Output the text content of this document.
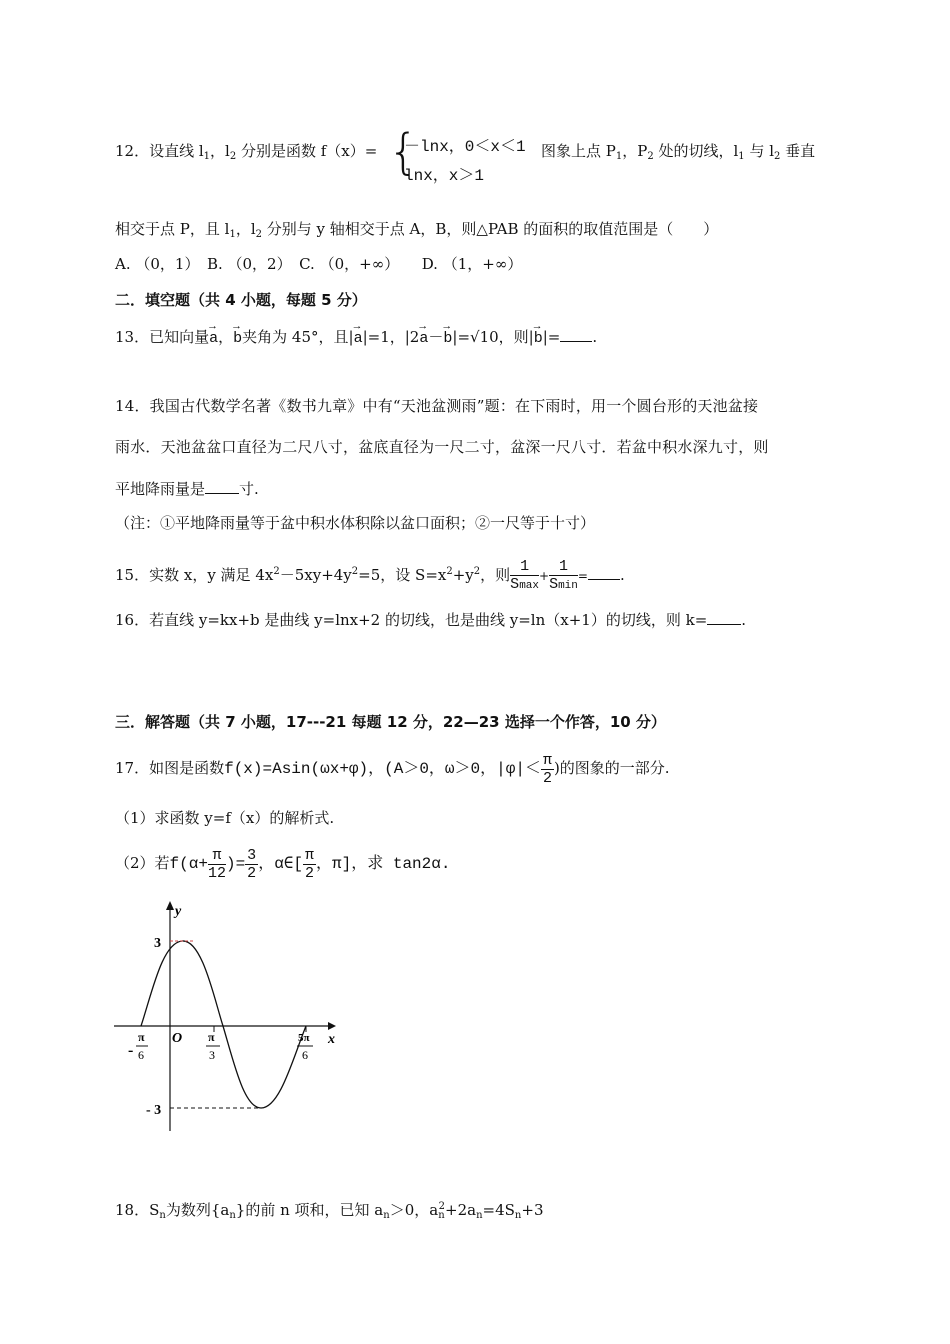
12．设直线 $l_1$，$l_2$ 分别是函数 f（x）= {
－lnx，0＜x＜1
lnx，x＞1
图象上点 $P_1$，$P_2$ 处的切线，$l_1$ 与 $l_2$ 垂直
相交于点 P，且 $l_1$，$l_2$ 分别与 y 轴相交于点 A，B，则△PAB 的面积的取值范围是（　　）
A. （0，1）　B. （0，2）　C. （0，+∞）　　D. （1，+∞）
二．填空题（共 4 小题，每题 5 分）
13．已知向量→ a，→ b夹角为 45°，且|→ a|=1，|2→ a－→ b|=√10，则|→ b|= .
14．我国古代数学名著《数书九章》中有“天池盆测雨”题：在下雨时，用一个圆台形的天池盆接
雨水．天池盆盆口直径为二尺八寸，盆底直径为一尺二寸，盆深一尺八寸．若盆中积水深九寸，则
平地降雨量是 寸.
（注：①平地降雨量等于盆中积水体积除以盆口面积；②一尺等于十寸）
15．实数 x，y 满足 $4x^2-5xy+4y^2=5$，设 $S=x^2+y^2$，则 $\frac{1}{Smax} + \frac{1}{Smin}$ = .
16．若直线 y=kx+b 是曲线 y=lnx+2 的切线，也是曲线 y=ln（x+1）的切线，则 k= .
三．解答题（共 7 小题，17---21 每题 12 分，22—23 选择一个作答，10 分）
17．如图是函数f(x)=Asin(ωx+φ)，(A＞0，ω＞0，$|\varphi|< \frac{\pi}{2}$ )的图象的一部分.
（1）求函数 y=f（x）的解析式.
（2）若$f(\alpha+ \frac{\pi}{12}$ )= $\frac{3}{2}$ ，α∈[ $\frac{\pi}{2}$ ，π]，求 tan2α.
y
x
O
3
- 3
-
π
6
π
3
5π
6
18．$S_n$为数列$\{a_n\}$的前 n 项和，已知 $a_n>0$，$a_n^2+2a_n=4S_n+3$
